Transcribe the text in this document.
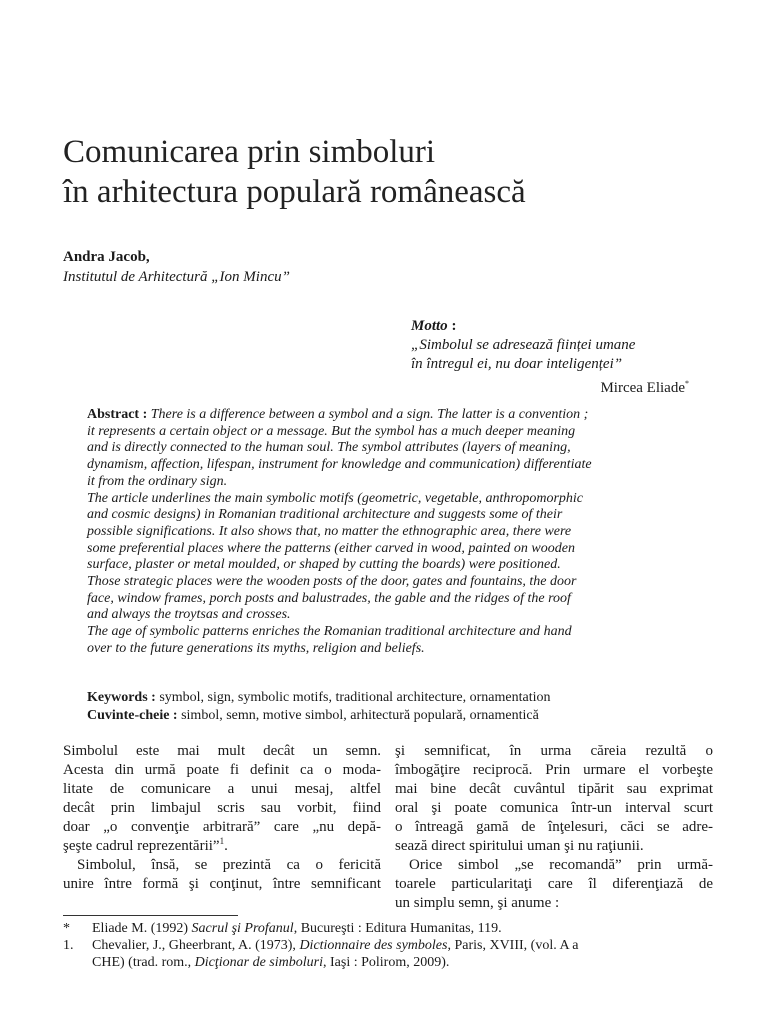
Comunicarea prin simboluri
în arhitectura populară românească
Andra Jacob,
Institutul de Arhitectură „Ion Mincu”
Motto :
„Simbolul se adresează ființei umane
în întregul ei, nu doar inteligenței”
Mircea Eliade*
Abstract : There is a difference between a symbol and a sign. The latter is a convention ;
it represents a certain object or a message. But the symbol has a much deeper meaning
and is directly connected to the human soul. The symbol attributes (layers of meaning,
dynamism, affection, lifespan, instrument for knowledge and communication) differentiate
it from the ordinary sign.
The article underlines the main symbolic motifs (geometric, vegetable, anthropomorphic
and cosmic designs) in Romanian traditional architecture and suggests some of their
possible significations. It also shows that, no matter the ethnographic area, there were
some preferential places where the patterns (either carved in wood, painted on wooden
surface, plaster or metal moulded, or shaped by cutting the boards) were positioned.
Those strategic places were the wooden posts of the door, gates and fountains, the door
face, window frames, porch posts and balustrades, the gable and the ridges of the roof
and always the troytsas and crosses.
The age of symbolic patterns enriches the Romanian traditional architecture and hand
over to the future generations its myths, religion and beliefs.
Keywords : symbol, sign, symbolic motifs, traditional architecture, ornamentation
Cuvinte-cheie : simbol, semn, motive simbol, arhitectură populară, ornamentică
Simbolul este mai mult decât un semn.
Acesta din urmă poate fi definit ca o moda-
litate de comunicare a unui mesaj, altfel
decât prin limbajul scris sau vorbit, fiind
doar „o convenţie arbitrară” care „nu depă-
şeşte cadrul reprezentării”$^1$.
Simbolul, însă, se prezintă ca o fericită
unire între formă şi conţinut, între semnificant
şi semnificat, în urma căreia rezultă o
îmbogăţire reciprocă. Prin urmare el vorbeşte
mai bine decât cuvântul tipărit sau exprimat
oral şi poate comunica într-un interval scurt
o întreagă gamă de înţelesuri, căci se adre-
sează direct spiritului uman şi nu raţiunii.
Orice simbol „se recomandă” prin urmă-
toarele particularitaţi care îl diferenţiază de
un simplu semn, şi anume :
* Eliade M. (1992) Sacrul şi Profanul, Bucureşti : Editura Humanitas, 119.
1. Chevalier, J., Gheerbrant, A. (1973), Dictionnaire des symboles, Paris, XVIII, (vol. A a
CHE) (trad. rom., Dicţionar de simboluri, Iaşi : Polirom, 2009).
